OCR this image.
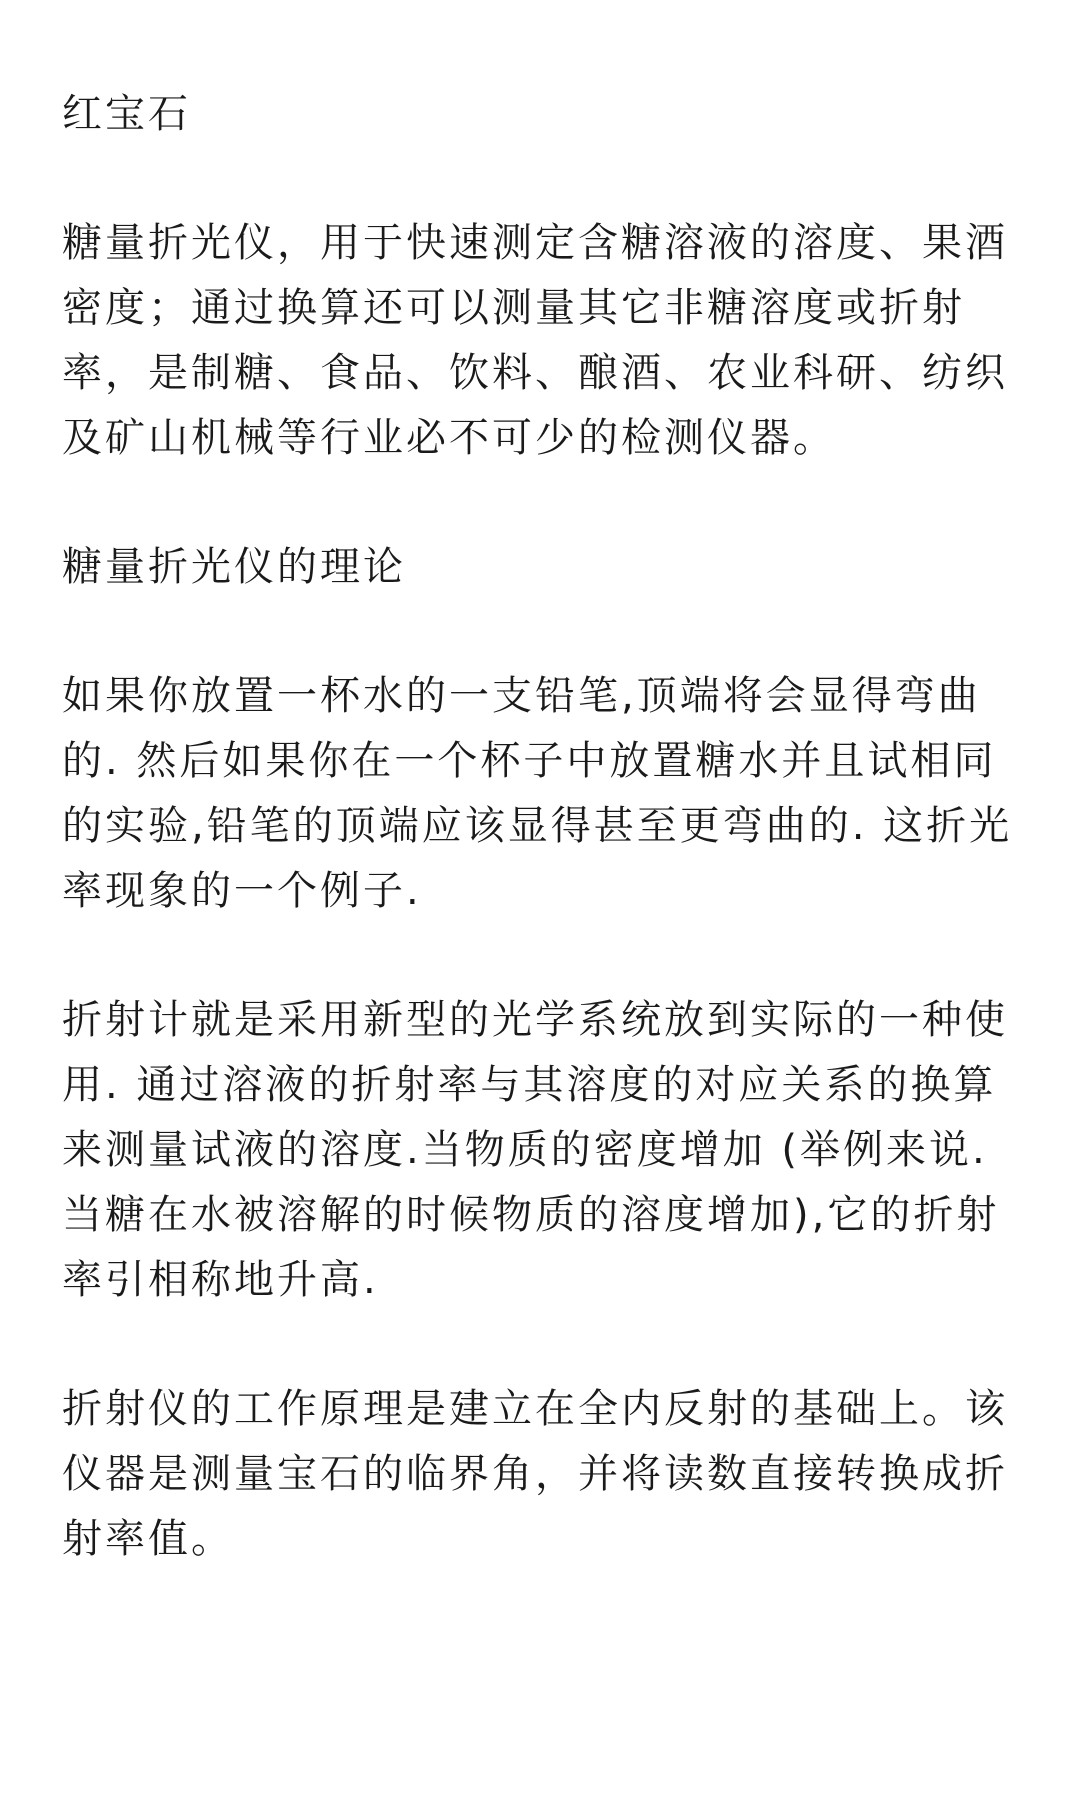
红宝石

糖量折光仪，用于快速测定含糖溶液的溶度、果酒密度；通过换算还可以测量其它非糖溶度或折射率，是制糖、食品、饮料、酿酒、农业科研、纺织及矿山机械等行业必不可少的检测仪器。

糖量折光仪的理论

如果你放置一杯水的一支铅笔,顶端将会显得弯曲的. 然后如果你在一个杯子中放置糖水并且试相同的实验,铅笔的顶端应该显得甚至更弯曲的. 这折光率现象的一个例子.

折射计就是采用新型的光学系统放到实际的一种使用. 通过溶液的折射率与其溶度的对应关系的换算来测量试液的溶度.当物质的密度增加 (举例来说. 当糖在水被溶解的时候物质的溶度增加),它的折射率引相称地升高.

折射仪的工作原理是建立在全内反射的基础上。该仪器是测量宝石的临界角，并将读数直接转换成折射率值。
